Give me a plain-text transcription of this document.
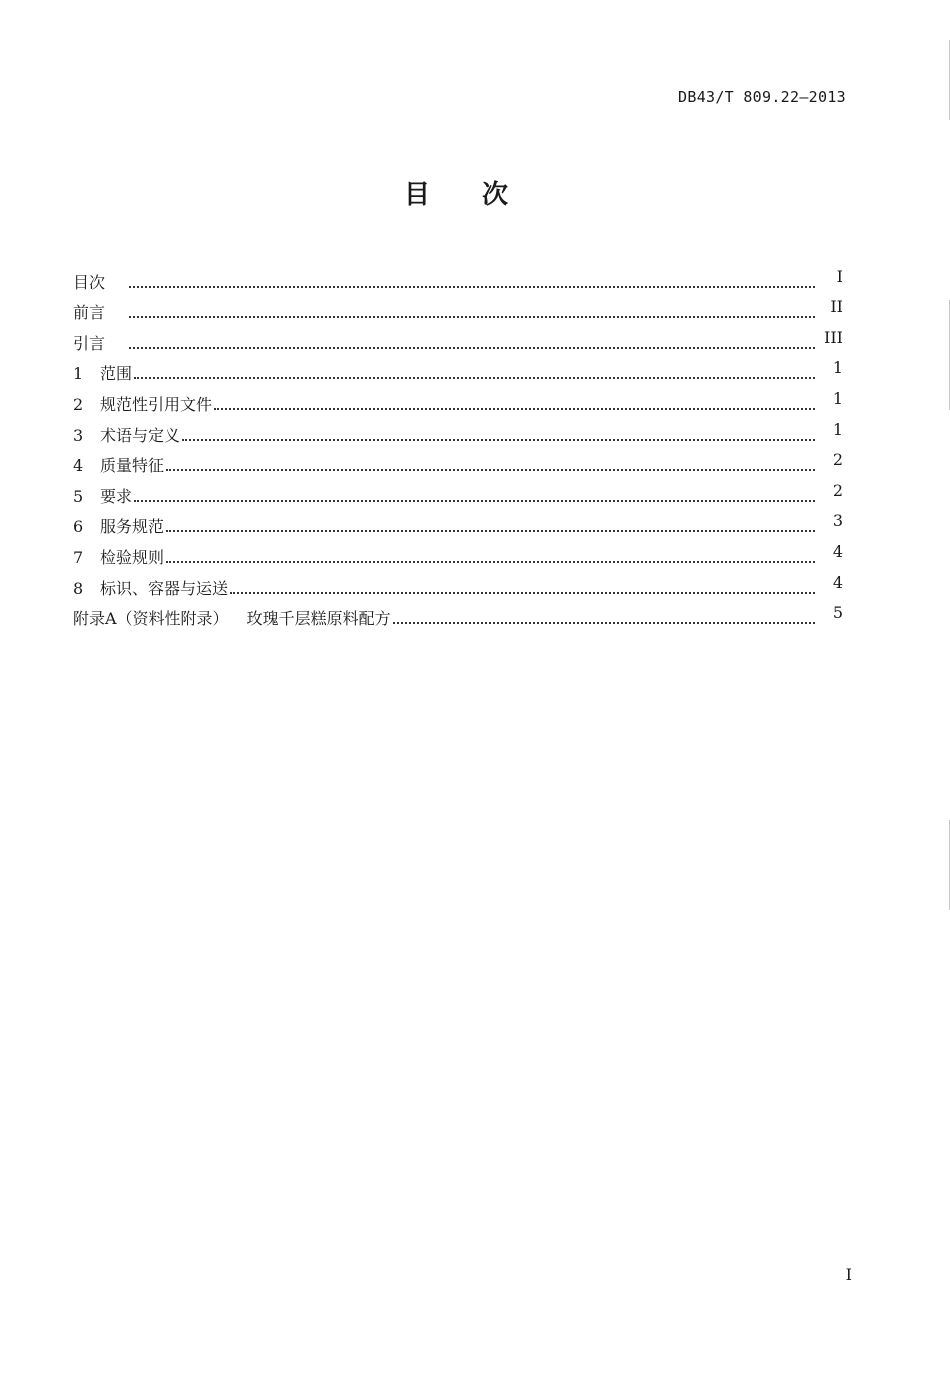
DB43/T 809.22—2013
目　　次
目次	I
前言	II
引言	III
1	范围	1
2	规范性引用文件	1
3	术语与定义	1
4	质量特征	2
5	要求	2
6	服务规范	3
7	检验规则	4
8	标识、容器与运送	4
附录A（资料性附录） 玫瑰千层糕原料配方	5
I
